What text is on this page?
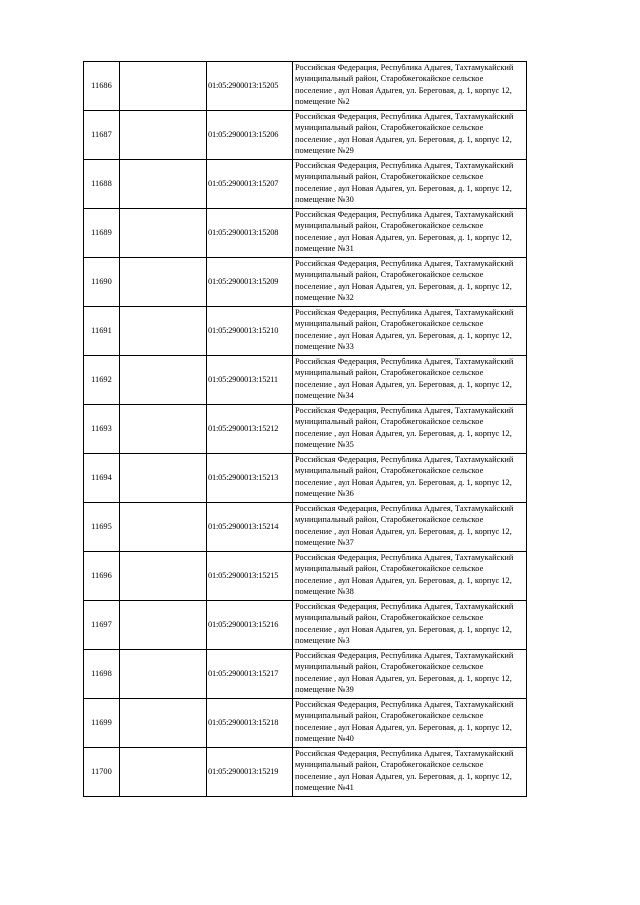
11686		01:05:2900013:15205	Российская Федерация, Республика Адыгея, Тахтамукайский
муниципальный район, Старобжегокайское сельское
поселение , аул Новая Адыгея, ул. Береговая, д. 1, корпус 12,
помещение №2

11687		01:05:2900013:15206	Российская Федерация, Республика Адыгея, Тахтамукайский
муниципальный район, Старобжегокайское сельское
поселение , аул Новая Адыгея, ул. Береговая, д. 1, корпус 12,
помещение №29

11688		01:05:2900013:15207	Российская Федерация, Республика Адыгея, Тахтамукайский
муниципальный район, Старобжегокайское сельское
поселение , аул Новая Адыгея, ул. Береговая, д. 1, корпус 12,
помещение №30

11689		01:05:2900013:15208	Российская Федерация, Республика Адыгея, Тахтамукайский
муниципальный район, Старобжегокайское сельское
поселение , аул Новая Адыгея, ул. Береговая, д. 1, корпус 12,
помещение №31

11690		01:05:2900013:15209	Российская Федерация, Республика Адыгея, Тахтамукайский
муниципальный район, Старобжегокайское сельское
поселение , аул Новая Адыгея, ул. Береговая, д. 1, корпус 12,
помещение №32

11691		01:05:2900013:15210	Российская Федерация, Республика Адыгея, Тахтамукайский
муниципальный район, Старобжегокайское сельское
поселение , аул Новая Адыгея, ул. Береговая, д. 1, корпус 12,
помещение №33

11692		01:05:2900013:15211	Российская Федерация, Республика Адыгея, Тахтамукайский
муниципальный район, Старобжегокайское сельское
поселение , аул Новая Адыгея, ул. Береговая, д. 1, корпус 12,
помещение №34

11693		01:05:2900013:15212	Российская Федерация, Республика Адыгея, Тахтамукайский
муниципальный район, Старобжегокайское сельское
поселение , аул Новая Адыгея, ул. Береговая, д. 1, корпус 12,
помещение №35

11694		01:05:2900013:15213	Российская Федерация, Республика Адыгея, Тахтамукайский
муниципальный район, Старобжегокайское сельское
поселение , аул Новая Адыгея, ул. Береговая, д. 1, корпус 12,
помещение №36

11695		01:05:2900013:15214	Российская Федерация, Республика Адыгея, Тахтамукайский
муниципальный район, Старобжегокайское сельское
поселение , аул Новая Адыгея, ул. Береговая, д. 1, корпус 12,
помещение №37

11696		01:05:2900013:15215	Российская Федерация, Республика Адыгея, Тахтамукайский
муниципальный район, Старобжегокайское сельское
поселение , аул Новая Адыгея, ул. Береговая, д. 1, корпус 12,
помещение №38

11697		01:05:2900013:15216	Российская Федерация, Республика Адыгея, Тахтамукайский
муниципальный район, Старобжегокайское сельское
поселение , аул Новая Адыгея, ул. Береговая, д. 1, корпус 12,
помещение №3

11698		01:05:2900013:15217	Российская Федерация, Республика Адыгея, Тахтамукайский
муниципальный район, Старобжегокайское сельское
поселение , аул Новая Адыгея, ул. Береговая, д. 1, корпус 12,
помещение №39

11699		01:05:2900013:15218	Российская Федерация, Республика Адыгея, Тахтамукайский
муниципальный район, Старобжегокайское сельское
поселение , аул Новая Адыгея, ул. Береговая, д. 1, корпус 12,
помещение №40

11700		01:05:2900013:15219	Российская Федерация, Республика Адыгея, Тахтамукайский
муниципальный район, Старобжегокайское сельское
поселение , аул Новая Адыгея, ул. Береговая, д. 1, корпус 12,
помещение №41
